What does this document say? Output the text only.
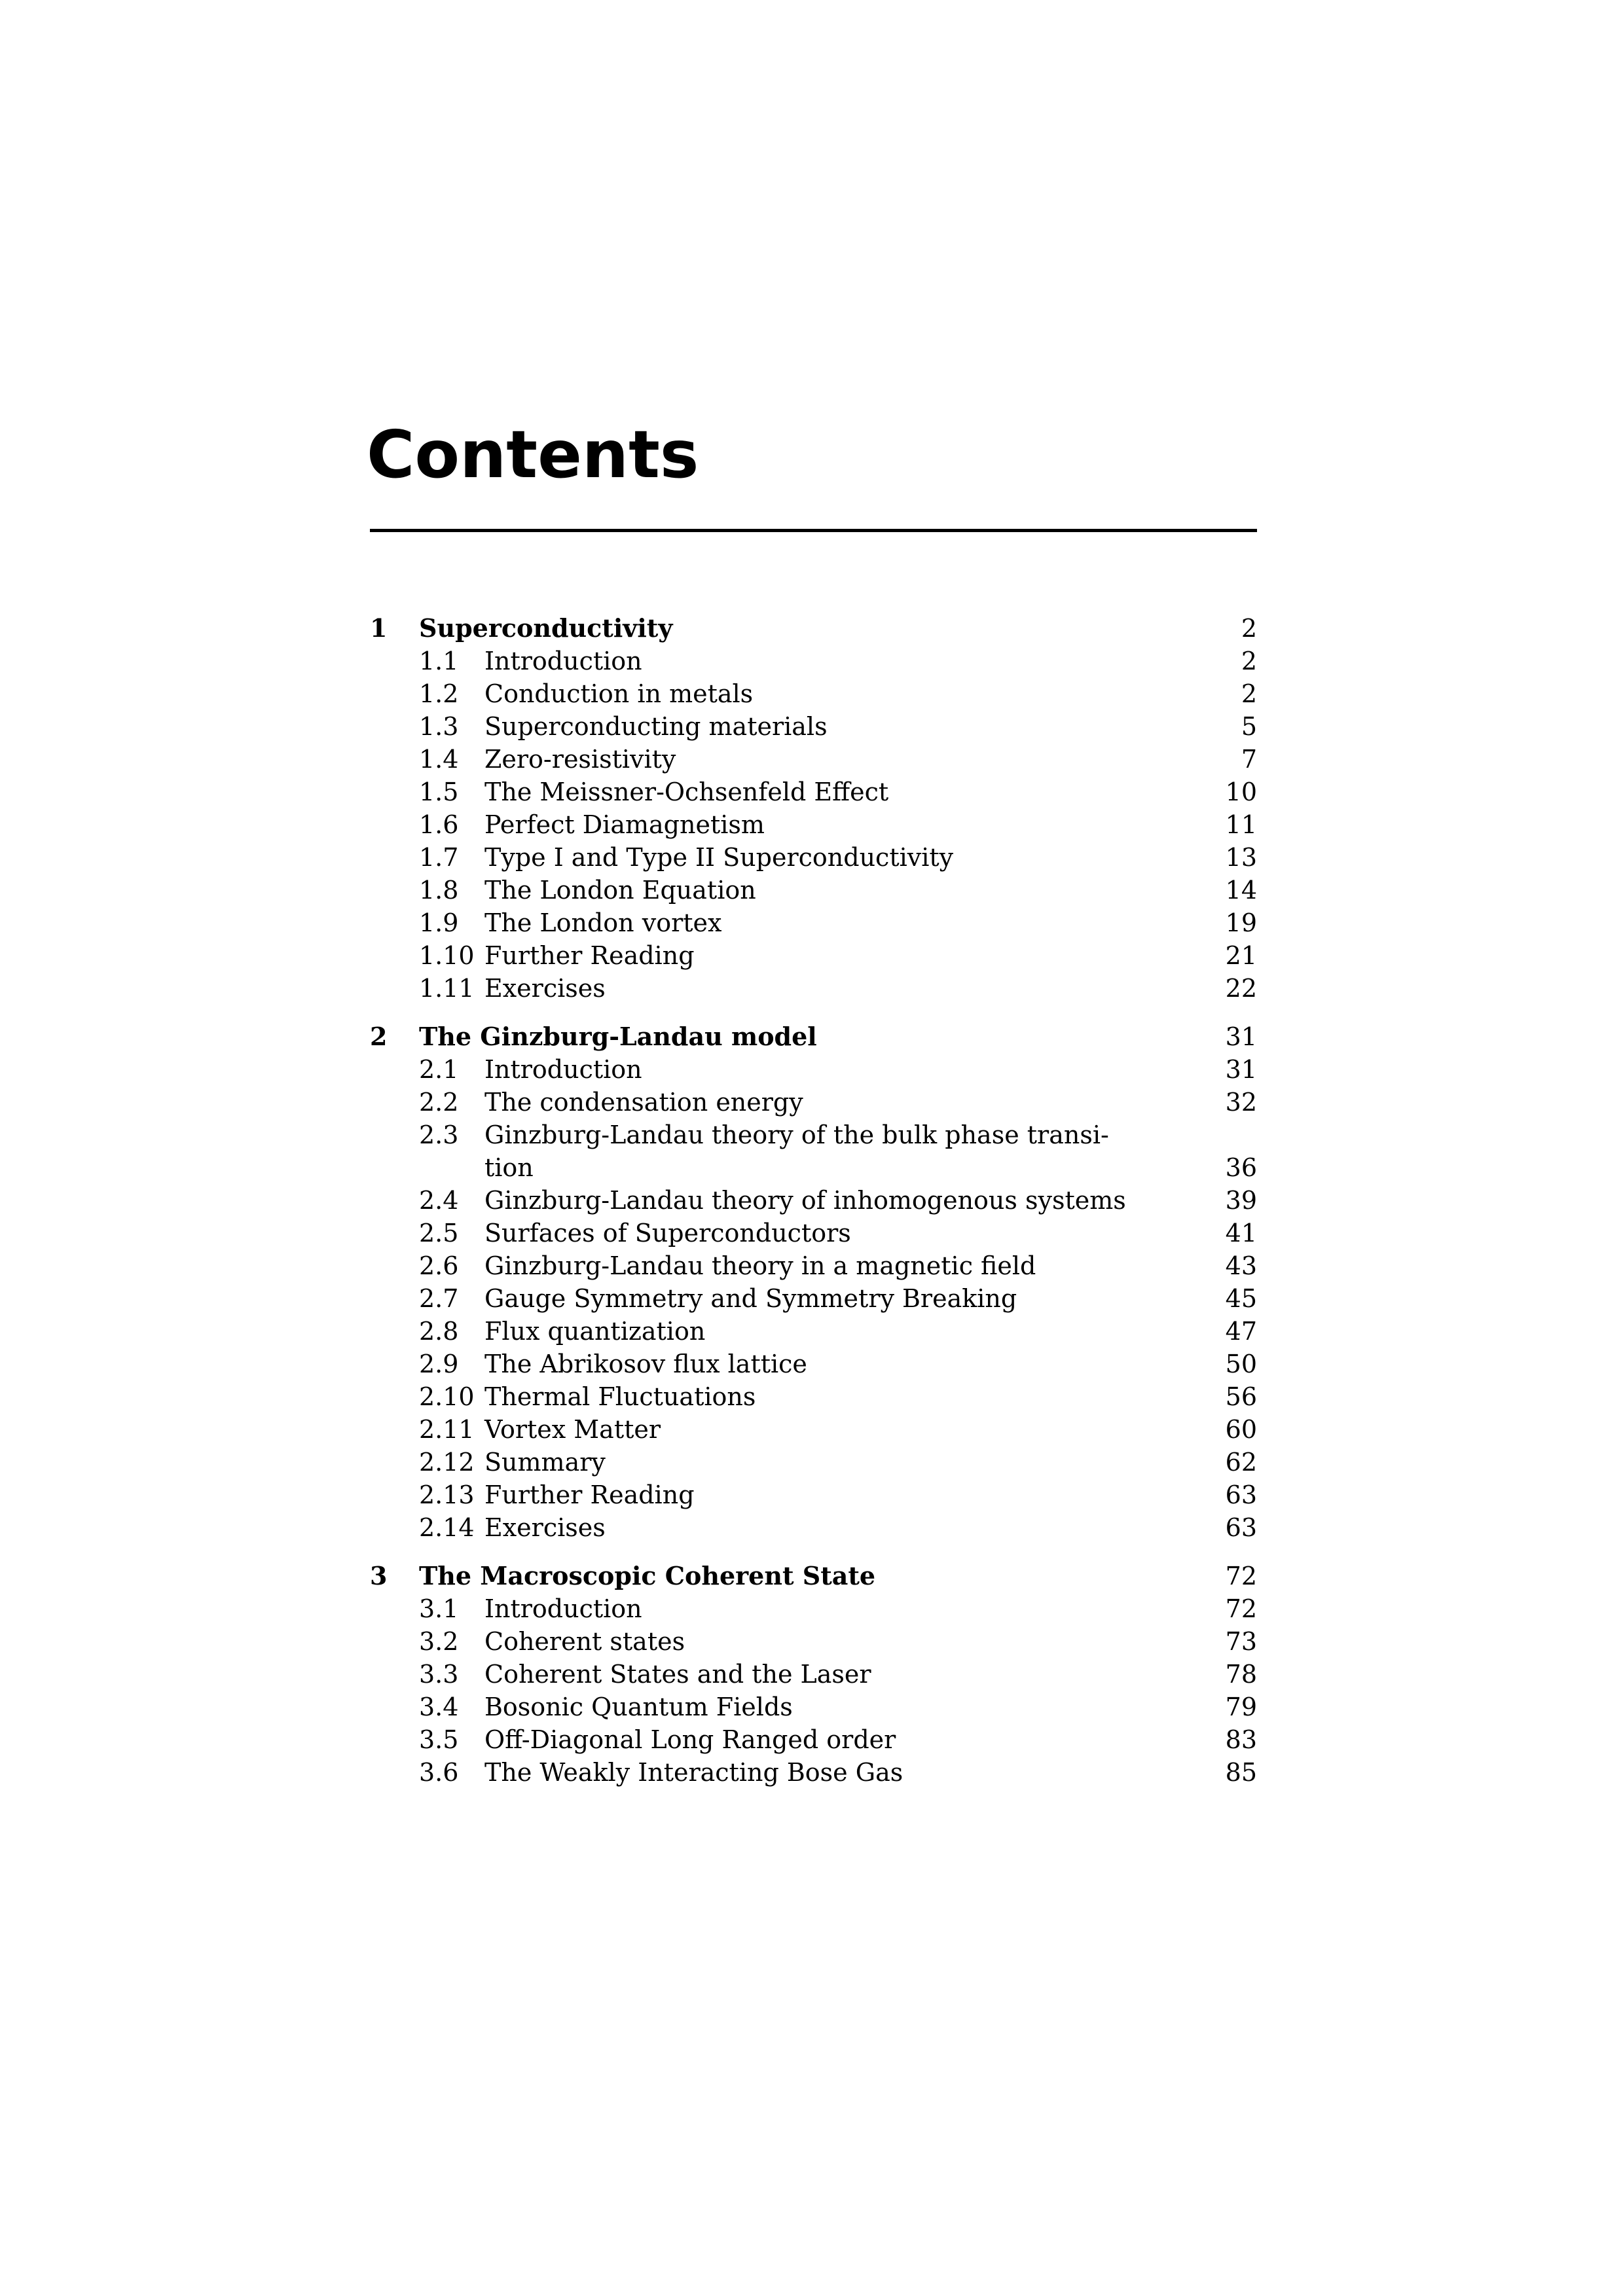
Contents
1	Superconductivity	2
1.1	Introduction	2
1.2	Conduction in metals	2
1.3	Superconducting materials	5
1.4	Zero-resistivity	7
1.5	The Meissner-Ochsenfeld Effect	10
1.6	Perfect Diamagnetism	11
1.7	Type I and Type II Superconductivity	13
1.8	The London Equation	14
1.9	The London vortex	19
1.10 Further Reading	21
1.11 Exercises	22
2	The Ginzburg-Landau model	31
2.1	Introduction	31
2.2	The condensation energy	32
2.3	Ginzburg-Landau theory of the bulk phase transi-
tion	36
2.4	Ginzburg-Landau theory of inhomogenous systems	39
2.5	Surfaces of Superconductors	41
2.6	Ginzburg-Landau theory in a magnetic field	43
2.7	Gauge Symmetry and Symmetry Breaking	45
2.8	Flux quantization	47
2.9	The Abrikosov flux lattice	50
2.10 Thermal Fluctuations	56
2.11 Vortex Matter	60
2.12 Summary	62
2.13 Further Reading	63
2.14 Exercises	63
3	The Macroscopic Coherent State	72
3.1	Introduction	72
3.2	Coherent states	73
3.3	Coherent States and the Laser	78
3.4	Bosonic Quantum Fields	79
3.5	Off-Diagonal Long Ranged order	83
3.6	The Weakly Interacting Bose Gas	85
